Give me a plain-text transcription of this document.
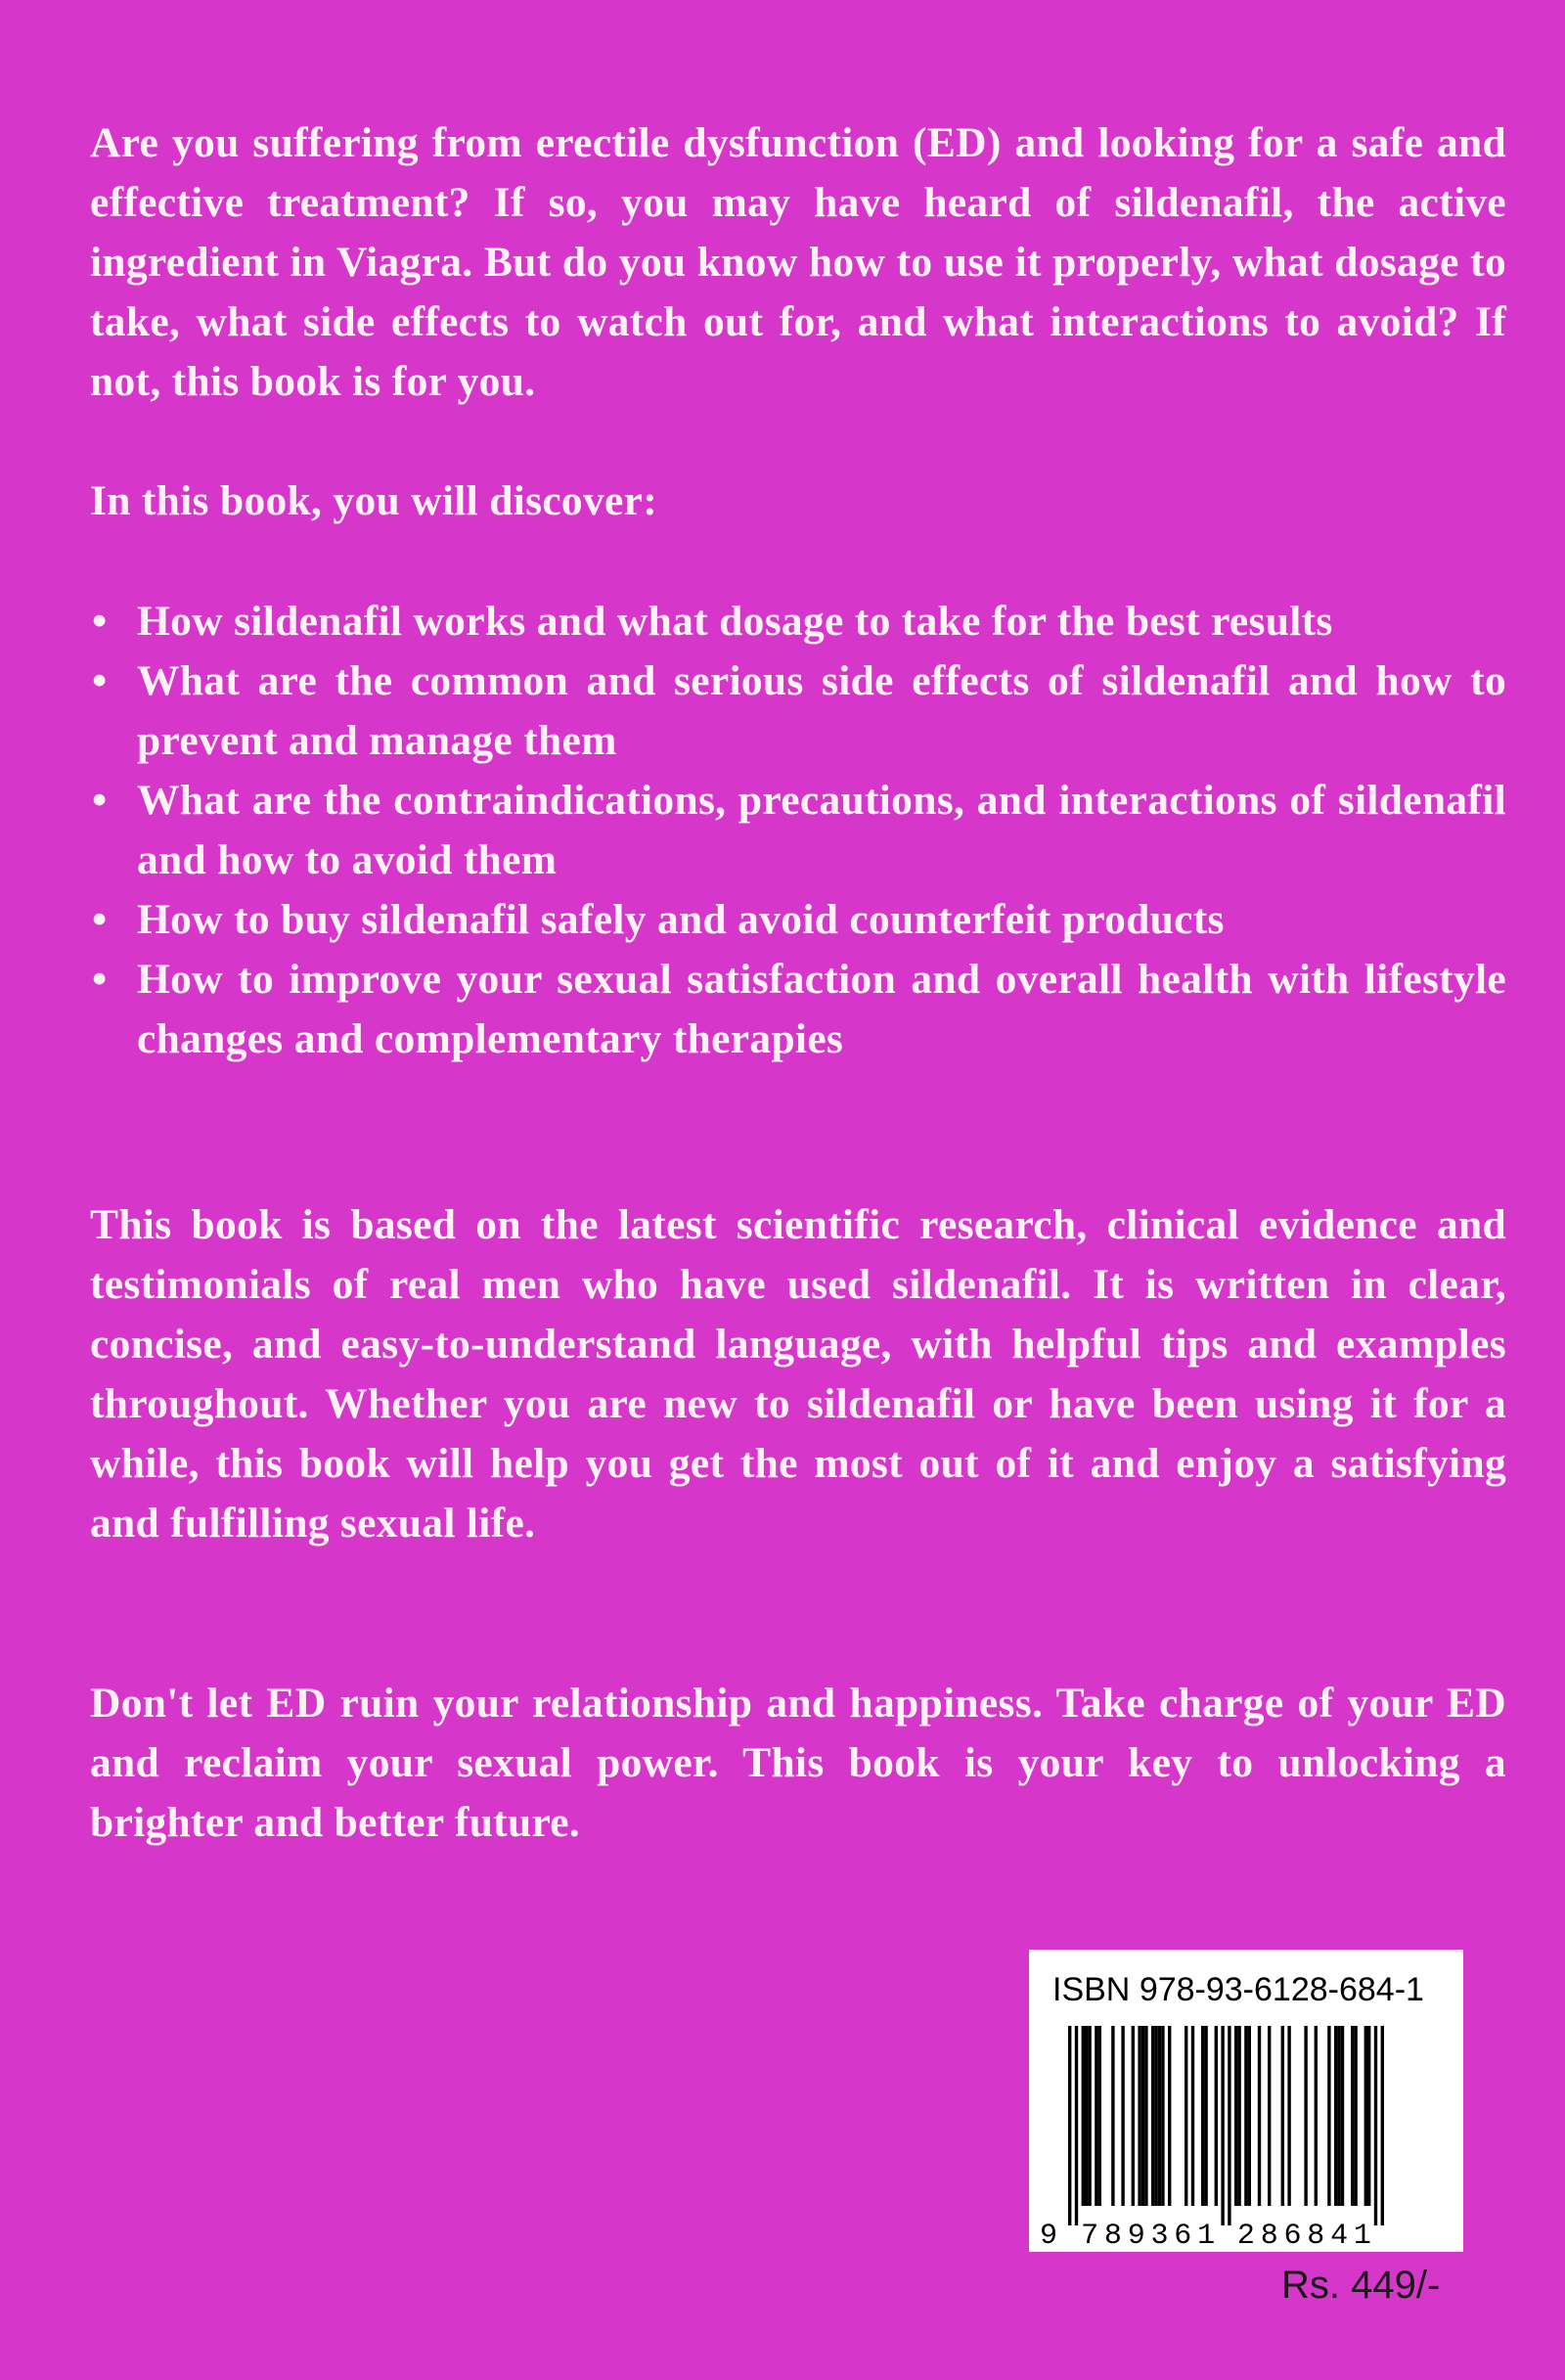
Are you suffering from erectile dysfunction (ED) and looking for a safe and effective treatment? If so, you may have heard of sildenafil, the active ingredient in Viagra. But do you know how to use it properly, what dosage to take, what side effects to watch out for, and what interactions to avoid? If not, this book is for you.

In this book, you will discover:

• How sildenafil works and what dosage to take for the best results
• What are the common and serious side effects of sildenafil and how to prevent and manage them
• What are the contraindications, precautions, and interactions of sildenafil and how to avoid them
• How to buy sildenafil safely and avoid counterfeit products
• How to improve your sexual satisfaction and overall health with lifestyle changes and complementary therapies

This book is based on the latest scientific research, clinical evidence and testimonials of real men who have used sildenafil. It is written in clear, concise, and easy-to-understand language, with helpful tips and examples throughout. Whether you are new to sildenafil or have been using it for a while, this book will help you get the most out of it and enjoy a satisfying and fulfilling sexual life.

Don't let ED ruin your relationship and happiness. Take charge of your ED and reclaim your sexual power. This book is your key to unlocking a brighter and better future.

ISBN 978-93-6128-684-1
9 7 8 9 3 6 1 2 8 6 8 4 1
Rs. 449/-
